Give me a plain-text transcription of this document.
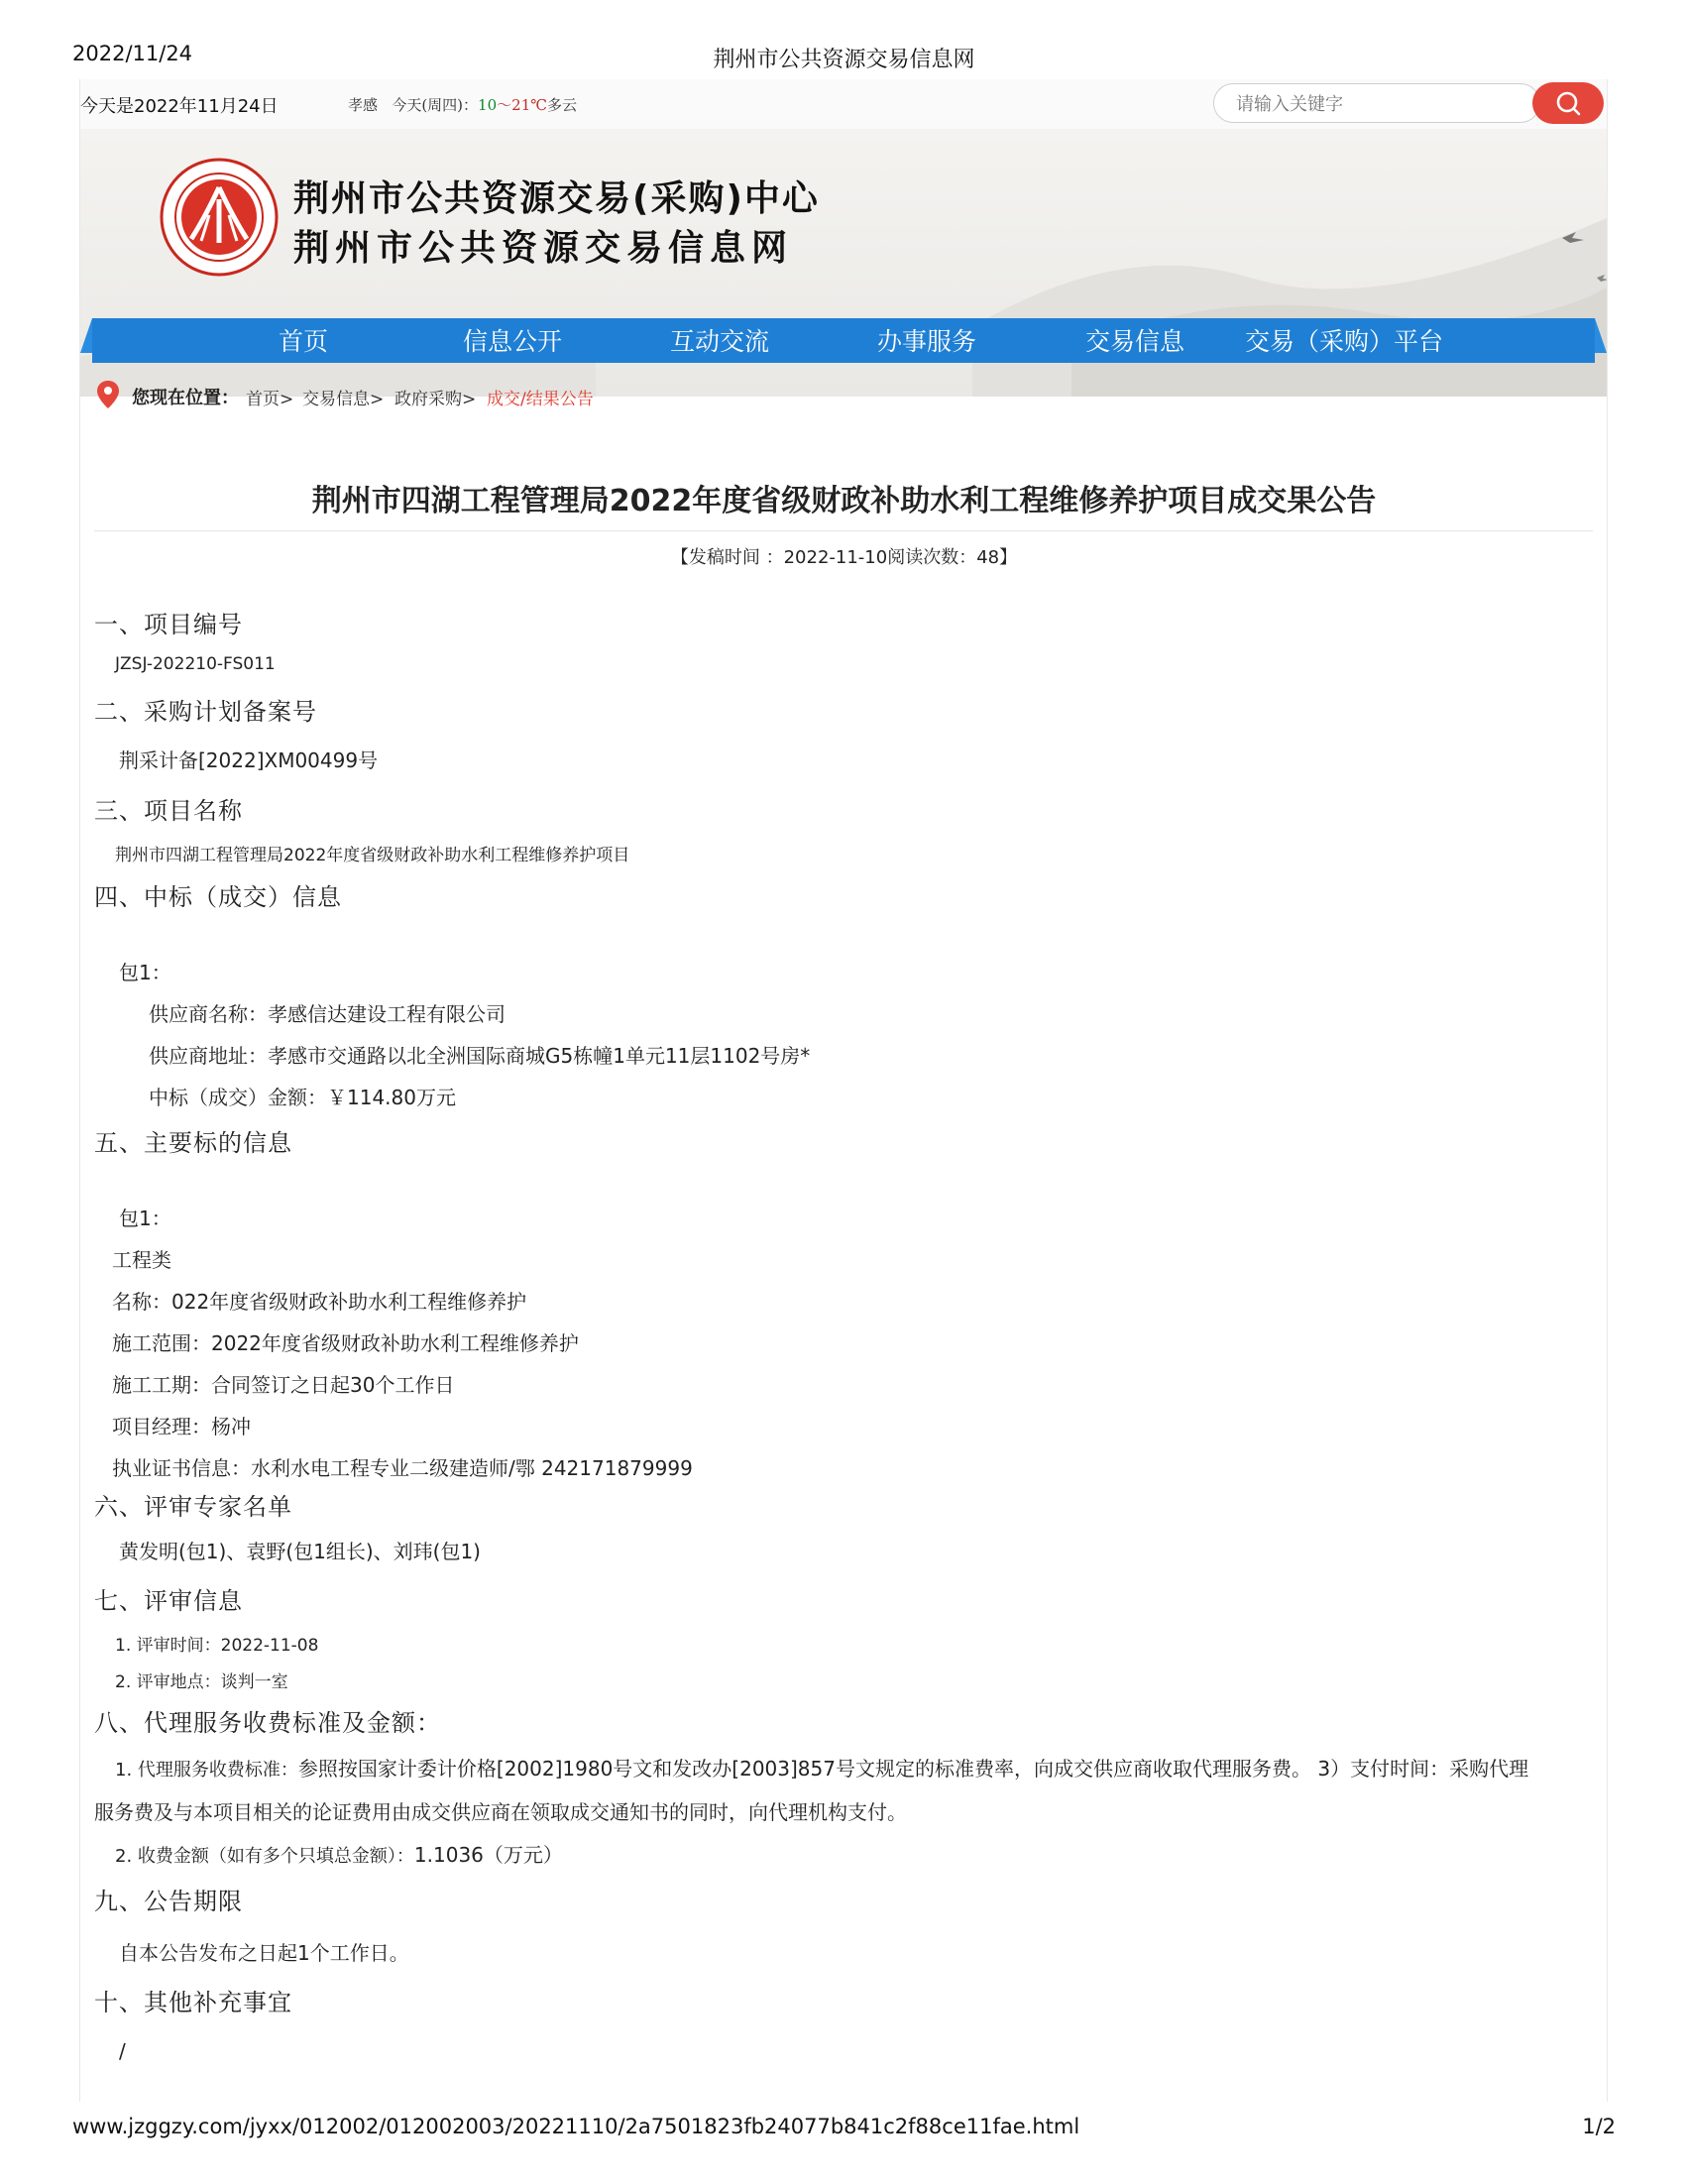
2022/11/24	荆州市公共资源交易信息网
今天是2022年11月24日	孝感 今天(周四)：10～21℃多云
请输入关键字
荆州市公共资源交易(采购)中心
荆州市公共资源交易信息网
首页	信息公开	互动交流	办事服务	交易信息 交易（采购）平台
您现在位置： 首页> 交易信息> 政府采购> 成交/结果公告
荆州市四湖工程管理局2022年度省级财政补助水利工程维修养护项目成交果公告
【发稿时间 ：2022-11-10阅读次数：48】
一、项目编号
JZSJ-202210-FS011
二、采购计划备案号
荆采计备[2022]XM00499号
三、项目名称
荆州市四湖工程管理局2022年度省级财政补助水利工程维修养护项目
四、中标（成交）信息
包1：
供应商名称：孝感信达建设工程有限公司
供应商地址：孝感市交通路以北全洲国际商城G5栋幢1单元11层1102号房*
中标（成交）金额：￥114.80万元
五、主要标的信息
包1：
工程类
名称：022年度省级财政补助水利工程维修养护
施工范围：2022年度省级财政补助水利工程维修养护
施工工期：合同签订之日起30个工作日
项目经理：杨冲
执业证书信息：水利水电工程专业二级建造师/鄂 242171879999
六、评审专家名单
黄发明(包1)、袁野(包1组长)、刘玮(包1)
七、评审信息
1. 评审时间：2022-11-08
2. 评审地点：谈判一室
八、代理服务收费标准及金额：
1. 代理服务收费标准：参照按国家计委计价格[2002]1980号文和发改办[2003]857号文规定的标准费率，向成交供应商收取代理服务费。 3）支付时间：采购代理
服务费及与本项目相关的论证费用由成交供应商在领取成交通知书的同时，向代理机构支付。
2. 收费金额（如有多个只填总金额）：1.1036（万元）
九、公告期限
自本公告发布之日起1个工作日。
十、其他补充事宜
/
www.jzggzy.com/jyxx/012002/012002003/20221110/2a7501823fb24077b841c2f88ce11fae.html	1/2
